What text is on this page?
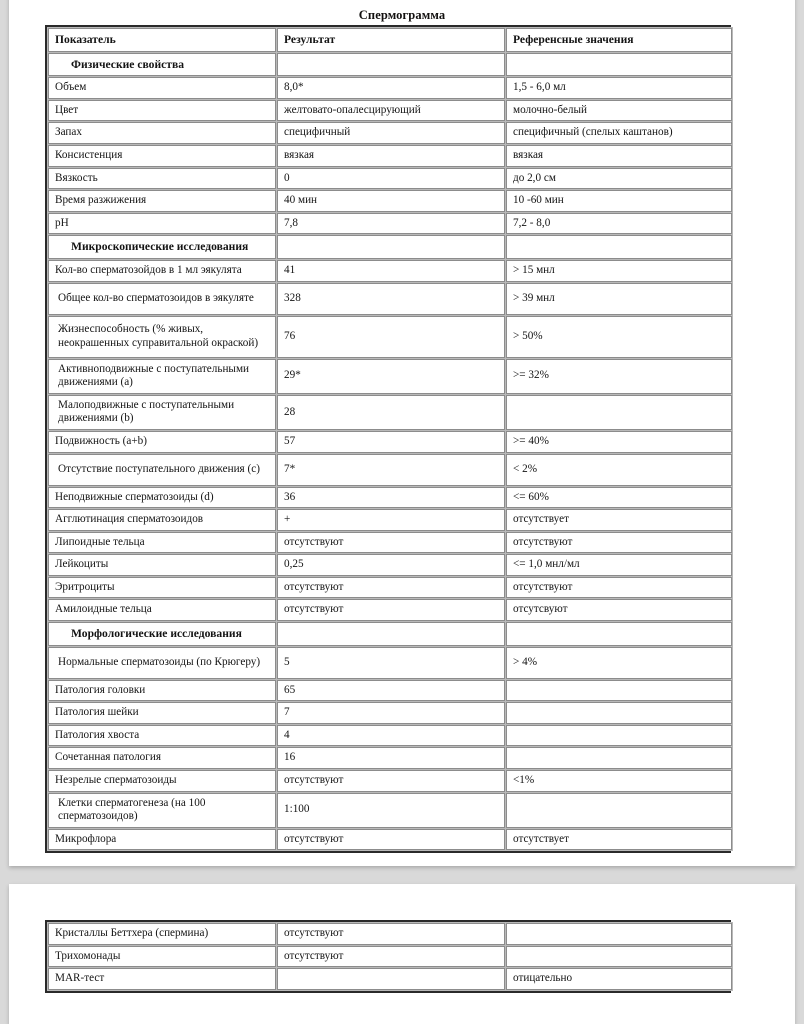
Спермограмма
Показатель	Результат	Референсные значения
Физические свойства		
Объем	8,0*	1,5 - 6,0 мл
Цвет	желтовато-опалесцирующий	молочно-белый
Запах	специфичный	специфичный (спелых каштанов)
Консистенция	вязкая	вязкая
Вязкость	0	до 2,0 см
Время разжижения	40 мин	10 -60 мин
pH	7,8	7,2 - 8,0
Микроскопические исследования		
Кол-во сперматозойдов в 1 мл эякулята	41	> 15 мнл
Общее кол-во сперматозоидов в эякуляте	328	> 39 мнл
Жизнеспособность (% живых, неокрашенных суправитальной окраской)	76	> 50%
Активноподвижные с поступательными движениями (a)	29*	>= 32%
Малоподвижные с поступательными движениями (b)	28	
Подвижность (a+b)	57	>= 40%
Отсутствие поступательного движения (c)	7*	< 2%
Неподвижные сперматозоиды (d)	36	<= 60%
Агглютинация сперматозоидов	+	отсутствует
Липоидные тельца	отсутствуют	отсутствуют
Лейкоциты	0,25	<= 1,0 мнл/мл
Эритроциты	отсутствуют	отсутствуют
Амилоидные тельца	отсутствуют	отсутсвуют
Морфологические исследования		
Нормальные сперматозоиды (по Крюгеру)	5	> 4%
Патология головки	65	
Патология шейки	7	
Патология хвоста	4	
Сочетанная патология	16	
Незрелые сперматозоиды	отсутствуют	<1%
Клетки сперматогенеза (на 100 сперматозоидов)	1:100	
Микрофлора	отсутствуют	отсутствует
Кристаллы Беттхера (спермина)	отсутствуют	
Трихомонады	отсутствуют	
MAR-тест		отицательно
